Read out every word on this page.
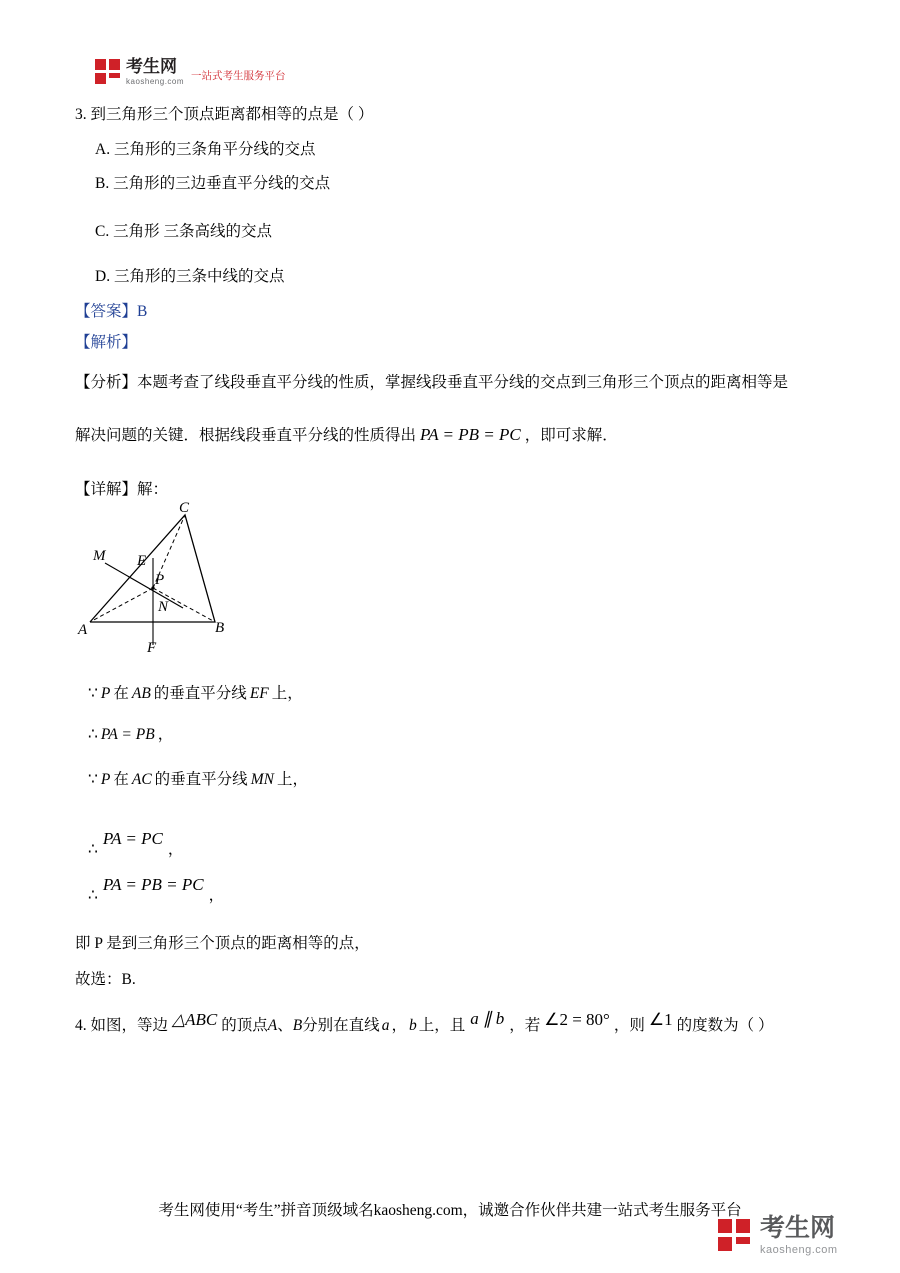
考生网
kaosheng.com 一站式考生服务平台
3. 到三角形三个顶点距离都相等的点是（ ）
A. 三角形的三条角平分线的交点
B. 三角形的三边垂直平分线的交点
C. 三角形 三条高线的交点
D. 三角形的三条中线的交点
【答案】B
【解析】
【分析】本题考查了线段垂直平分线的性质，掌握线段垂直平分线的交点到三角形三个顶点的距离相等是
解决问题的关键．根据线段垂直平分线的性质得出 PA = PB = PC ，即可求解．
【详解】解：
C
M E
P
N
A	B
F
∵ P 在 AB 的垂直平分线 EF 上，
∴ PA = PB ，
∵ P 在 AC 的垂直平分线 MN 上，
∴PA = PC，
∴PA = PB = PC，
即 P 是到三角形三个顶点的距离相等的点，
故选：B.
4. 如图，等边 △ABC 的顶点A、B分别在直线 a ， b 上，且 a ∥ b ，若 ∠2 = 80° ，则 ∠1 的度数为（ ）
考生网使用“考生”拼音顶级域名kaosheng.com，诚邀合作伙伴共建一站式考生服务平台
考生网
kaosheng.com
